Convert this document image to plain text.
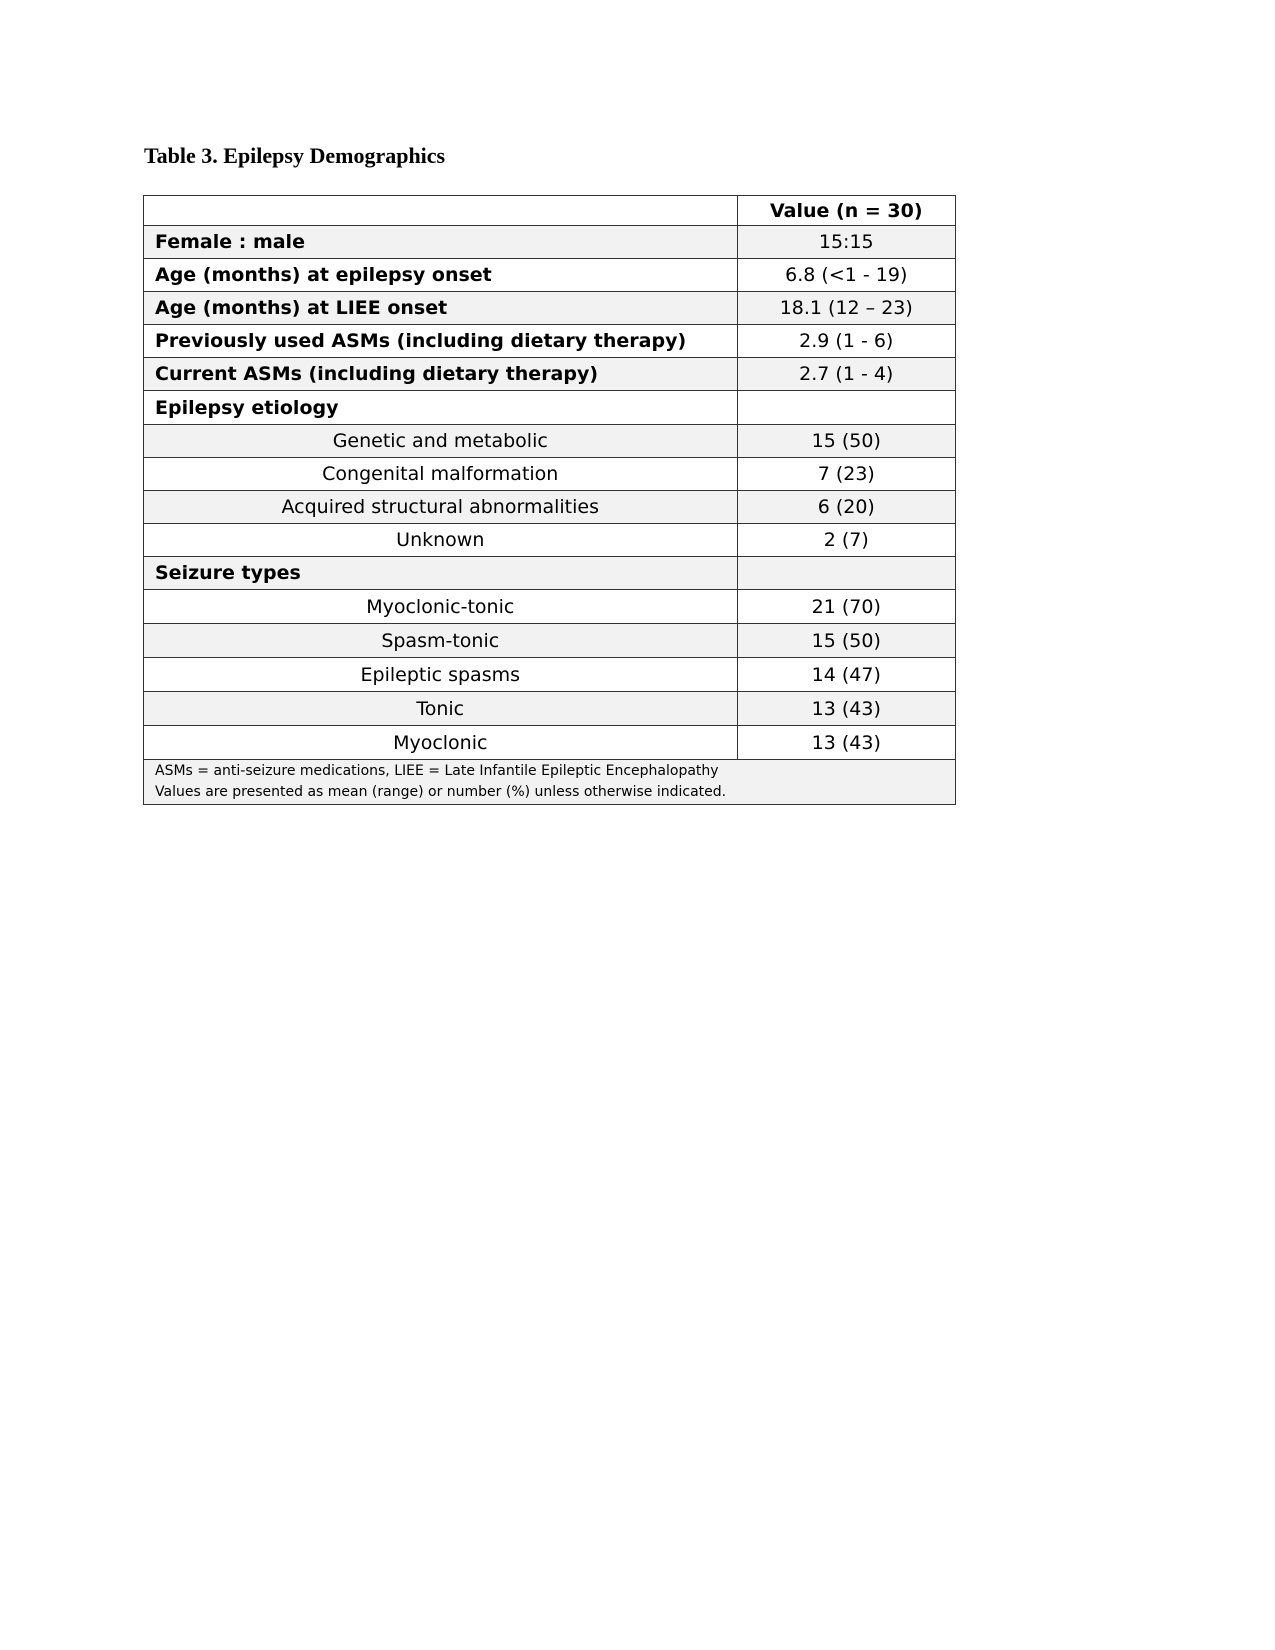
Table 3. Epilepsy Demographics
	Value (n = 30)
Female : male	15:15
Age (months) at epilepsy onset	6.8 (<1 - 19)
Age (months) at LIEE onset	18.1 (12 – 23)
Previously used ASMs (including dietary therapy)	2.9 (1 - 6)
Current ASMs (including dietary therapy)	2.7 (1 - 4)
Epilepsy etiology	
Genetic and metabolic	15 (50)
Congenital malformation	7 (23)
Acquired structural abnormalities	6 (20)
Unknown	2 (7)
Seizure types	
Myoclonic-tonic	21 (70)
Spasm-tonic	15 (50)
Epileptic spasms	14 (47)
Tonic	13 (43)
Myoclonic	13 (43)

ASMs = anti-seizure medications, LIEE = Late Infantile Epileptic Encephalopathy
Values are presented as mean (range) or number (%) unless otherwise indicated.	
